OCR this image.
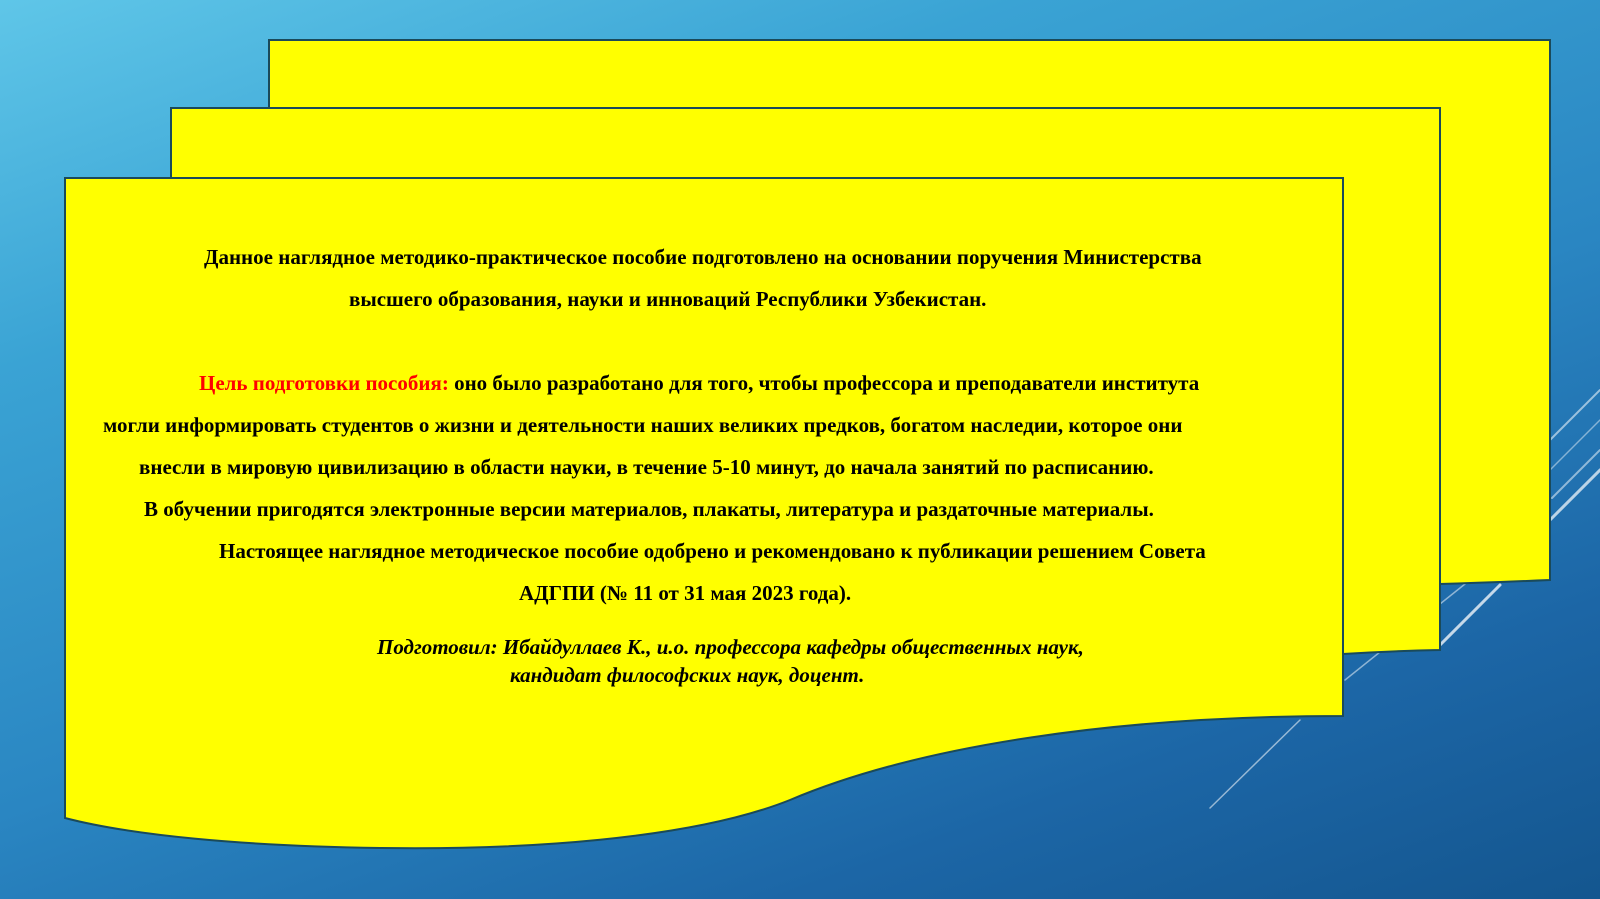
Данное наглядное методико-практическое пособие подготовлено на основании поручения Министерства

высшего образования, науки и инноваций Республики Узбекистан.

Цель подготовки пособия: оно было разработано для того, чтобы профессора и преподаватели института

могли информировать студентов о жизни и деятельности наших великих предков, богатом наследии, которое они

внесли в мировую цивилизацию в области науки, в течение 5-10 минут, до начала занятий по расписанию.

В обучении пригодятся электронные версии материалов, плакаты, литература и раздаточные материалы.

Настоящее наглядное методическое пособие одобрено и рекомендовано к публикации решением Совета

АДГПИ (№ 11 от 31 мая 2023 года).

Подготовил: Ибайдуллаев К., и.о. профессора кафедры общественных наук,

кандидат философских наук, доцент.
